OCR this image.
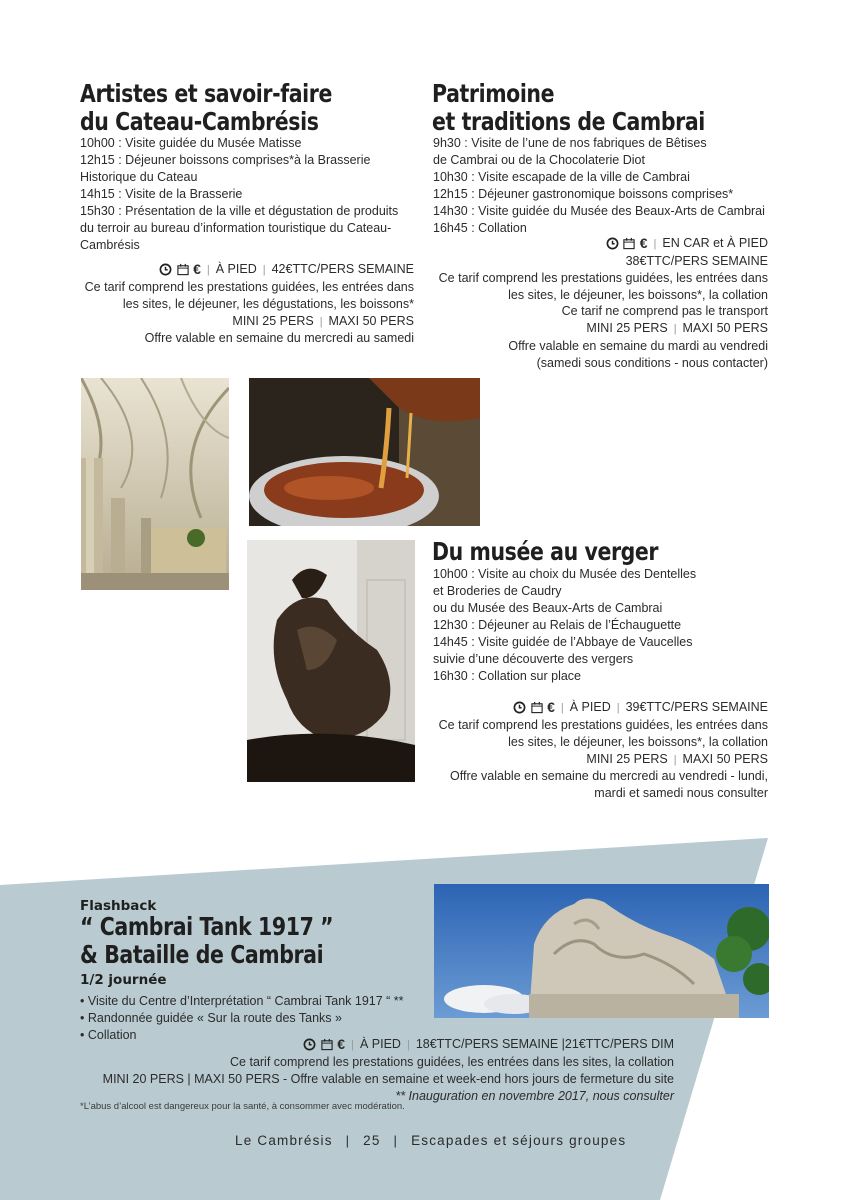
Artistes et savoir-faire
du Cateau-Cambrésis
10h00 : Visite guidée du Musée Matisse
12h15 : Déjeuner boissons comprises*à la Brasserie
Historique du Cateau
14h15 : Visite de la Brasserie
15h30 : Présentation de la ville et dégustation de produits
du terroir au bureau d’information touristique du Cateau-
Cambrésis
€ | À PIED | 42€TTC/PERS SEMAINE
Ce tarif comprend les prestations guidées, les entrées dans
les sites, le déjeuner, les dégustations, les boissons*
MINI 25 PERS | MAXI 50 PERS
Offre valable en semaine du mercredi au samedi
Patrimoine
et traditions de Cambrai
9h30 : Visite de l’une de nos fabriques de Bêtises
de Cambrai ou de la Chocolaterie Diot
10h30 : Visite escapade de la ville de Cambrai
12h15 : Déjeuner gastronomique boissons comprises*
14h30 : Visite guidée du Musée des Beaux-Arts de Cambrai
16h45 : Collation
€ | EN CAR et À PIED
38€TTC/PERS SEMAINE
Ce tarif comprend les prestations guidées, les entrées dans
les sites, le déjeuner, les boissons*, la collation
Ce tarif ne comprend pas le transport
MINI 25 PERS | MAXI 50 PERS
Offre valable en semaine du mardi au vendredi
(samedi sous conditions - nous contacter)
Du musée au verger
10h00 : Visite au choix du Musée des Dentelles
et Broderies de Caudry
ou du Musée des Beaux-Arts de Cambrai
12h30 : Déjeuner au Relais de l’Échauguette
14h45 : Visite guidée de l’Abbaye de Vaucelles
suivie d’une découverte des vergers
16h30 : Collation sur place
€ | À PIED | 39€TTC/PERS SEMAINE
Ce tarif comprend les prestations guidées, les entrées dans
les sites, le déjeuner, les boissons*, la collation
MINI 25 PERS | MAXI 50 PERS
Offre valable en semaine du mercredi au vendredi - lundi,
mardi et samedi nous consulter
Flashback
“ Cambrai Tank 1917 ”
& Bataille de Cambrai
1/2 journée
• Visite du Centre d’Interprétation “ Cambrai Tank 1917 “ **
• Randonnée guidée « Sur la route des Tanks »
• Collation
€ | À PIED | 18€TTC/PERS SEMAINE |21€TTC/PERS DIM
Ce tarif comprend les prestations guidées, les entrées dans les sites, la collation
MINI 20 PERS | MAXI 50 PERS - Offre valable en semaine et week-end hors jours de fermeture du site
** Inauguration en novembre 2017, nous consulter
*L’abus d’alcool est dangereux pour la santé, à consommer avec modération.
Le Cambrésis | 25 | Escapades et séjours groupes
